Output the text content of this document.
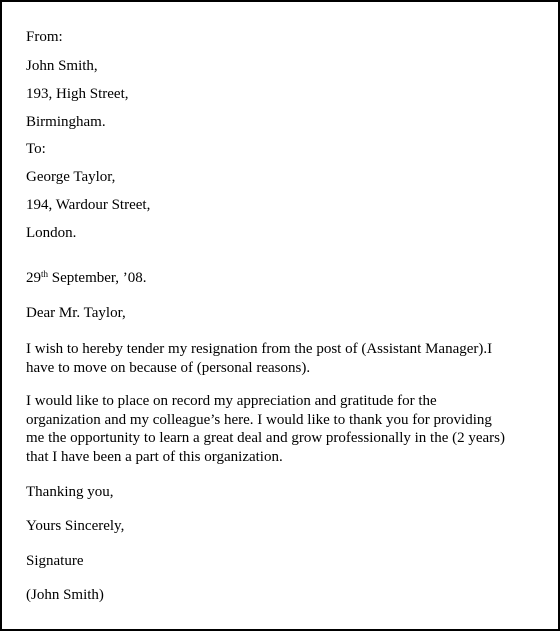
From:
John Smith,
193, High Street,
Birmingham.
To:
George Taylor,
194, Wardour Street,
London.
29th September, ’08.
Dear Mr. Taylor,
I wish to hereby tender my resignation from the post of (Assistant Manager).I
have to move on because of (personal reasons).
I would like to place on record my appreciation and gratitude for the
organization and my colleague’s here. I would like to thank you for providing
me the opportunity to learn a great deal and grow professionally in the (2 years)
that I have been a part of this organization.
Thanking you,
Yours Sincerely,
Signature
(John Smith)
